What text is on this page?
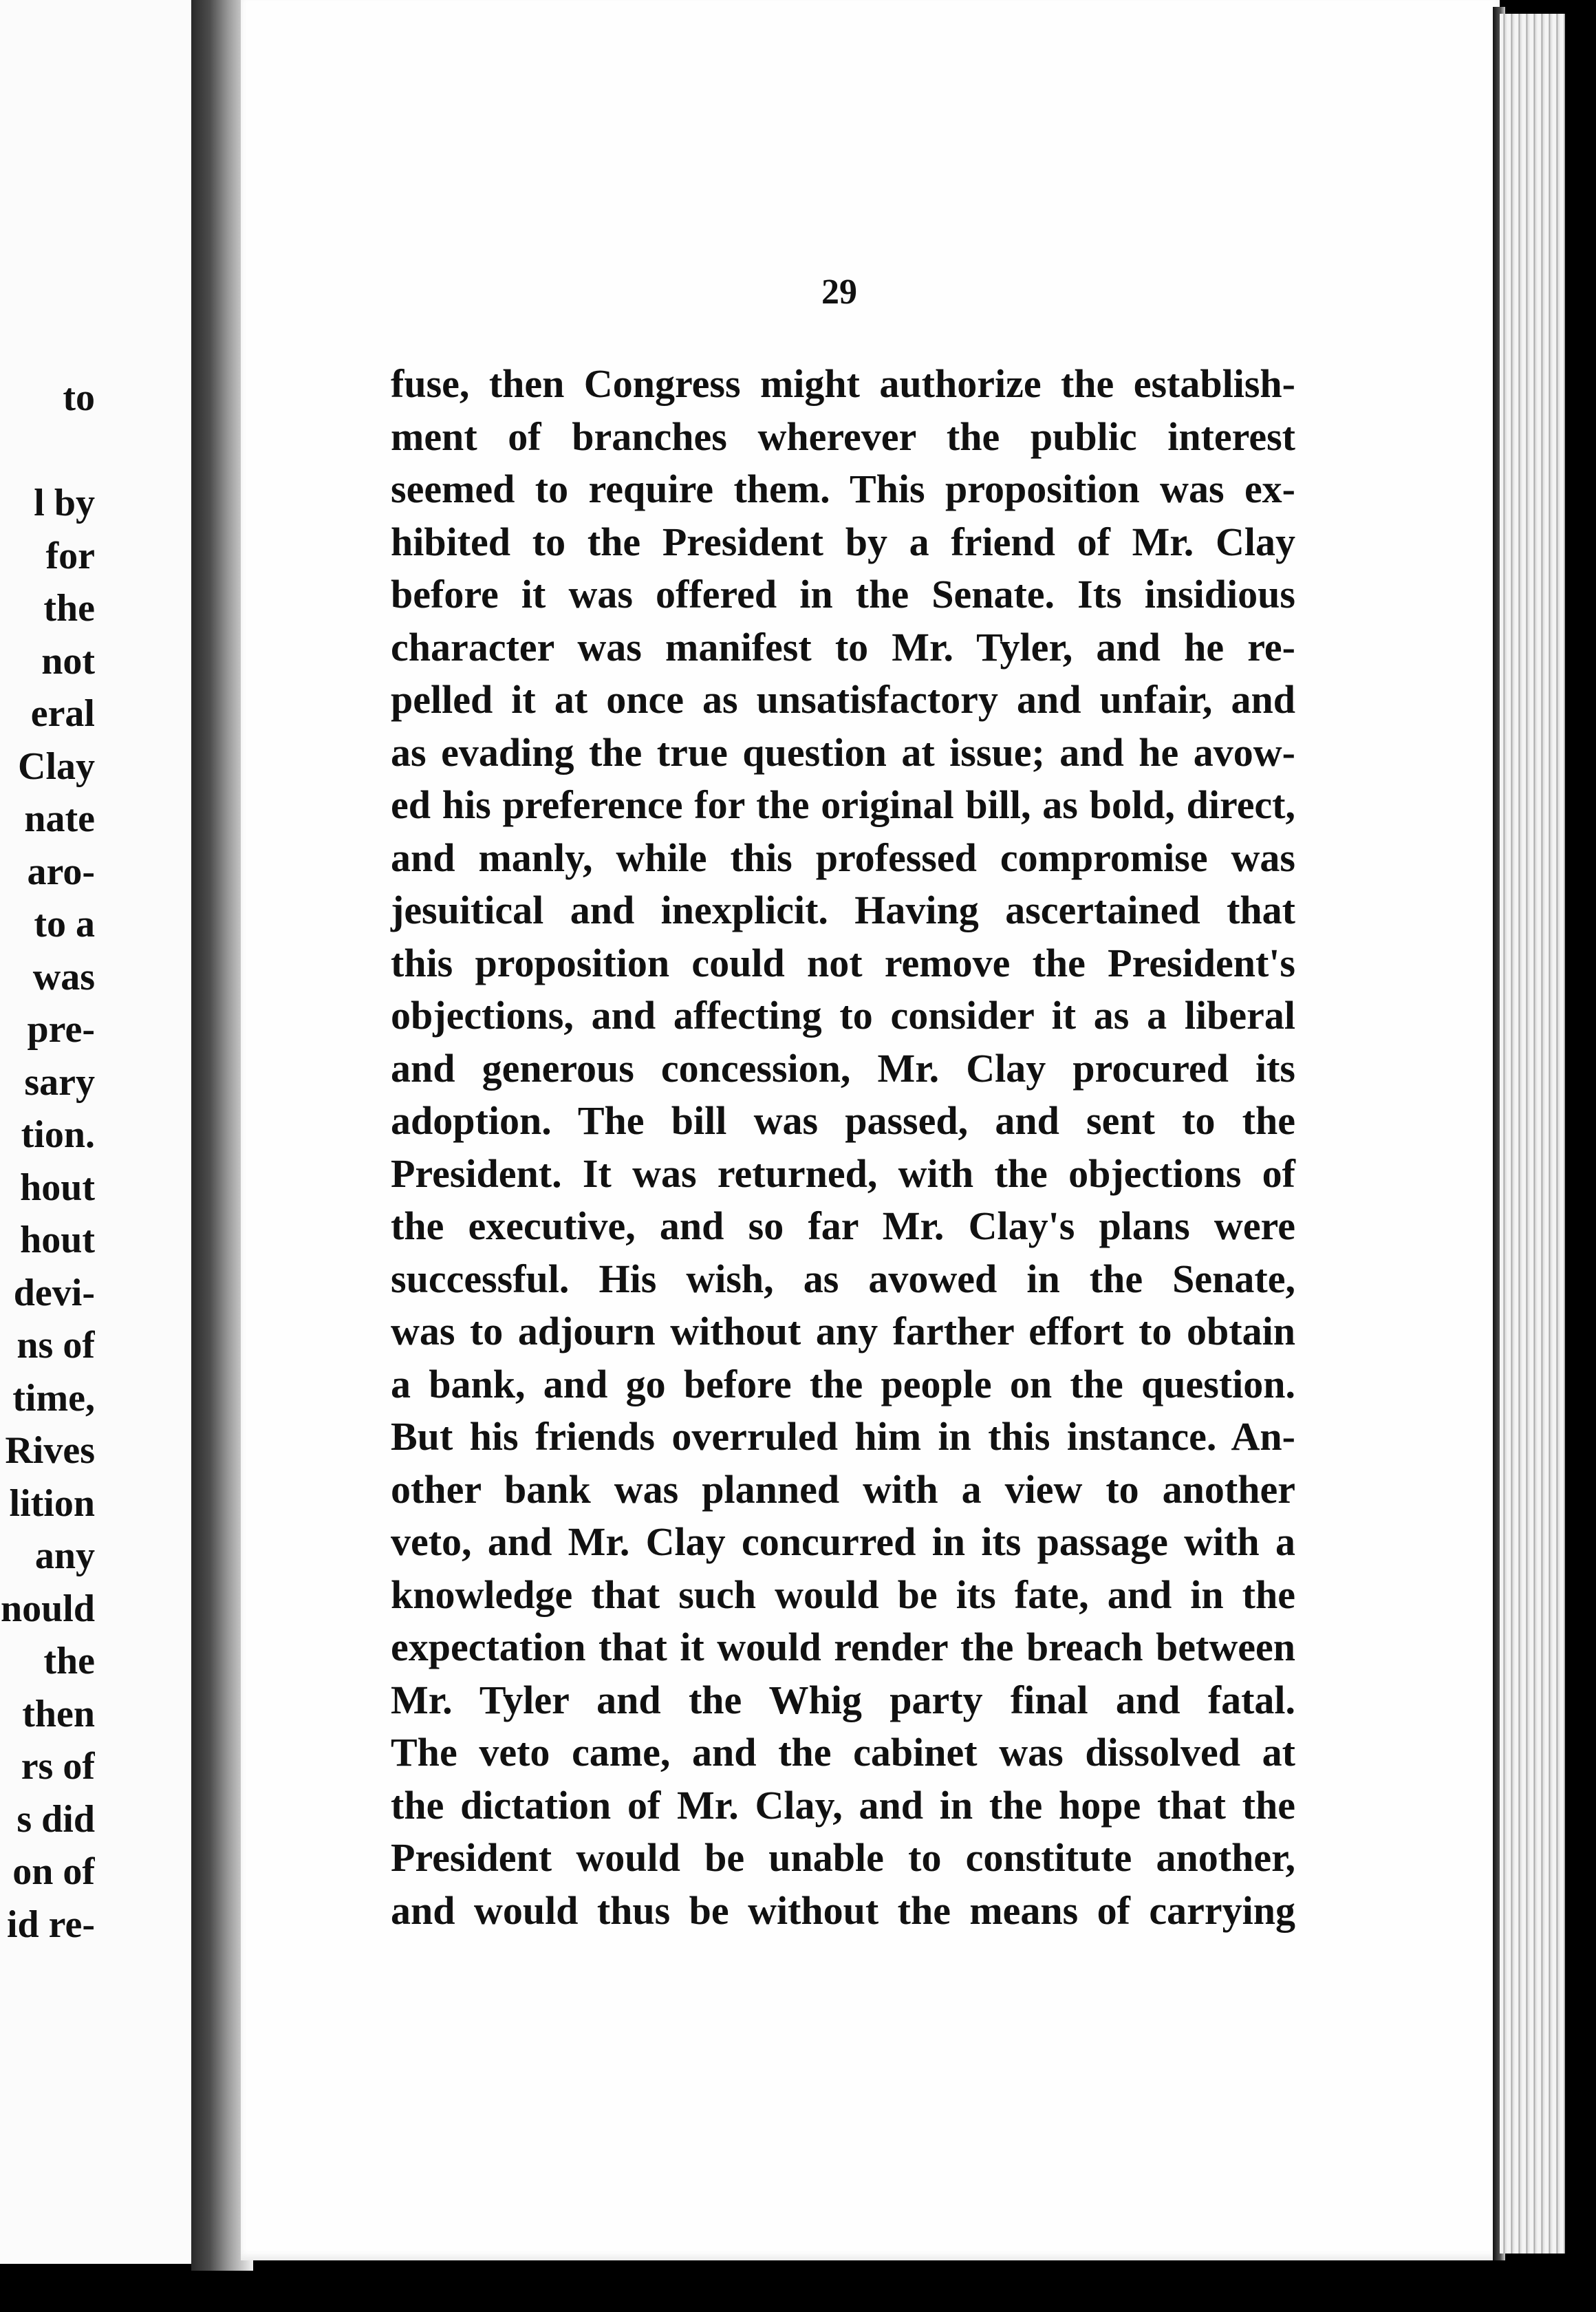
to
l by
for
the
not
eral
Clay
nate
aro-
to a
was
pre-
sary
tion.
hout
hout
devi-
ns of
time,
Rives
lition
any
nould
the
then
rs of
s did
on of
id re-
29
fuse, then Congress might authorize the establish-
ment of branches wherever the public interest
seemed to require them. This proposition was ex-
hibited to the President by a friend of Mr. Clay
before it was offered in the Senate. Its insidious
character was manifest to Mr. Tyler, and he re-
pelled it at once as unsatisfactory and unfair, and
as evading the true question at issue; and he avow-
ed his preference for the original bill, as bold, direct,
and manly, while this professed compromise was
jesuitical and inexplicit. Having ascertained that
this proposition could not remove the President's
objections, and affecting to consider it as a liberal
and generous concession, Mr. Clay procured its
adoption. The bill was passed, and sent to the
President. It was returned, with the objections of
the executive, and so far Mr. Clay's plans were
successful. His wish, as avowed in the Senate,
was to adjourn without any farther effort to obtain
a bank, and go before the people on the question.
But his friends overruled him in this instance. An-
other bank was planned with a view to another
veto, and Mr. Clay concurred in its passage with a
knowledge that such would be its fate, and in the
expectation that it would render the breach between
Mr. Tyler and the Whig party final and fatal.
The veto came, and the cabinet was dissolved at
the dictation of Mr. Clay, and in the hope that the
President would be unable to constitute another,
and would thus be without the means of carrying
